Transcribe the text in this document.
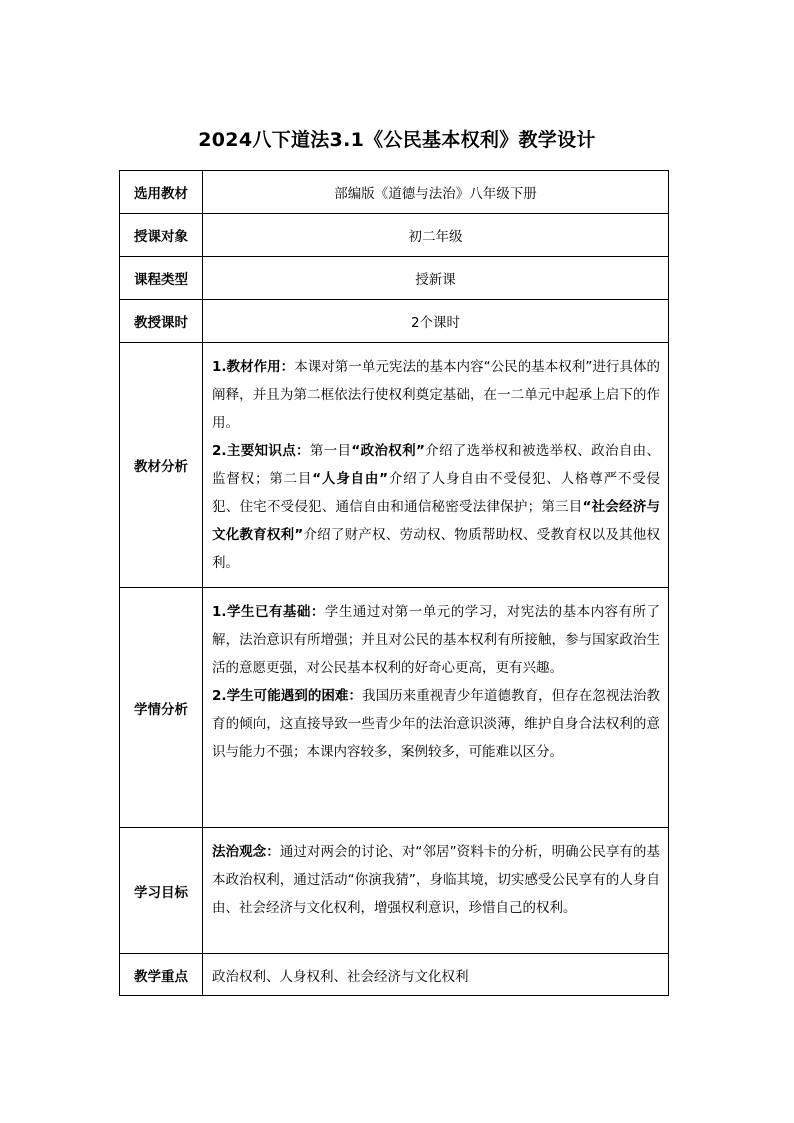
2024八下道法3.1《公民基本权利》教学设计
选用教材	部编版《道德与法治》八年级下册
授课对象	初二年级
课程类型	授新课
教授课时	2个课时
教材分析	1.教材作用：本课对第一单元宪法的基本内容“公民的基本权利”进行具体的阐释，并且为第二框依法行使权利奠定基础，在一二单元中起承上启下的作用。

2.主要知识点：第一目“政治权利”介绍了选举权和被选举权、政治自由、监督权；第二目“人身自由”介绍了人身自由不受侵犯、人格尊严不受侵犯、住宅不受侵犯、通信自由和通信秘密受法律保护；第三目“社会经济与文化教育权利”介绍了财产权、劳动权、物质帮助权、受教育权以及其他权利。

学情分析	1.学生已有基础：学生通过对第一单元的学习，对宪法的基本内容有所了解，法治意识有所增强；并且对公民的基本权利有所接触，参与国家政治生活的意愿更强，对公民基本权利的好奇心更高，更有兴趣。

2.学生可能遇到的困难：我国历来重视青少年道德教育，但存在忽视法治教育的倾向，这直接导致一些青少年的法治意识淡薄，维护自身合法权利的意识与能力不强；本课内容较多，案例较多，可能难以区分。

学习目标	法治观念：通过对两会的讨论、对“邻居”资料卡的分析，明确公民享有的基本政治权利，通过活动“你演我猜”，身临其境，切实感受公民享有的人身自由、社会经济与文化权利，增强权利意识，珍惜自己的权利。

教学重点	政治权利、人身权利、社会经济与文化权利
